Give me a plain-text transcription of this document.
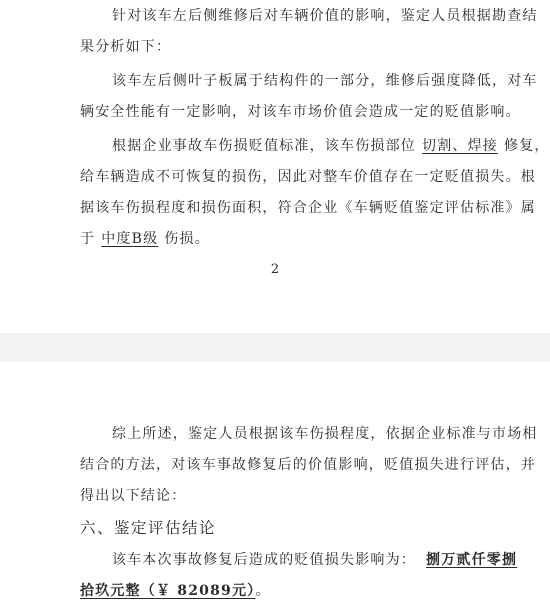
针对该车左后侧维修后对车辆价值的影响，鉴定人员根据勘查结
果分析如下：
该车左后侧叶子板属于结构件的一部分，维修后强度降低，对车
辆安全性能有一定影响，对该车市场价值会造成一定的贬值影响。
根据企业事故车伤损贬值标准，该车伤损部位 切割、焊接 修复，
给车辆造成不可恢复的损伤，因此对整车价值存在一定贬值损失。根
据该车伤损程度和损伤面积，符合企业《车辆贬值鉴定评估标准》属
于 中度B级 伤损。
2
综上所述，鉴定人员根据该车伤损程度，依据企业标准与市场相
结合的方法，对该车事故修复后的价值影响，贬值损失进行评估，并
得出以下结论：
六、鉴定评估结论
该车本次事故修复后造成的贬值损失影响为： 捌万贰仟零捌
拾玖元整（￥ 82089元）。
